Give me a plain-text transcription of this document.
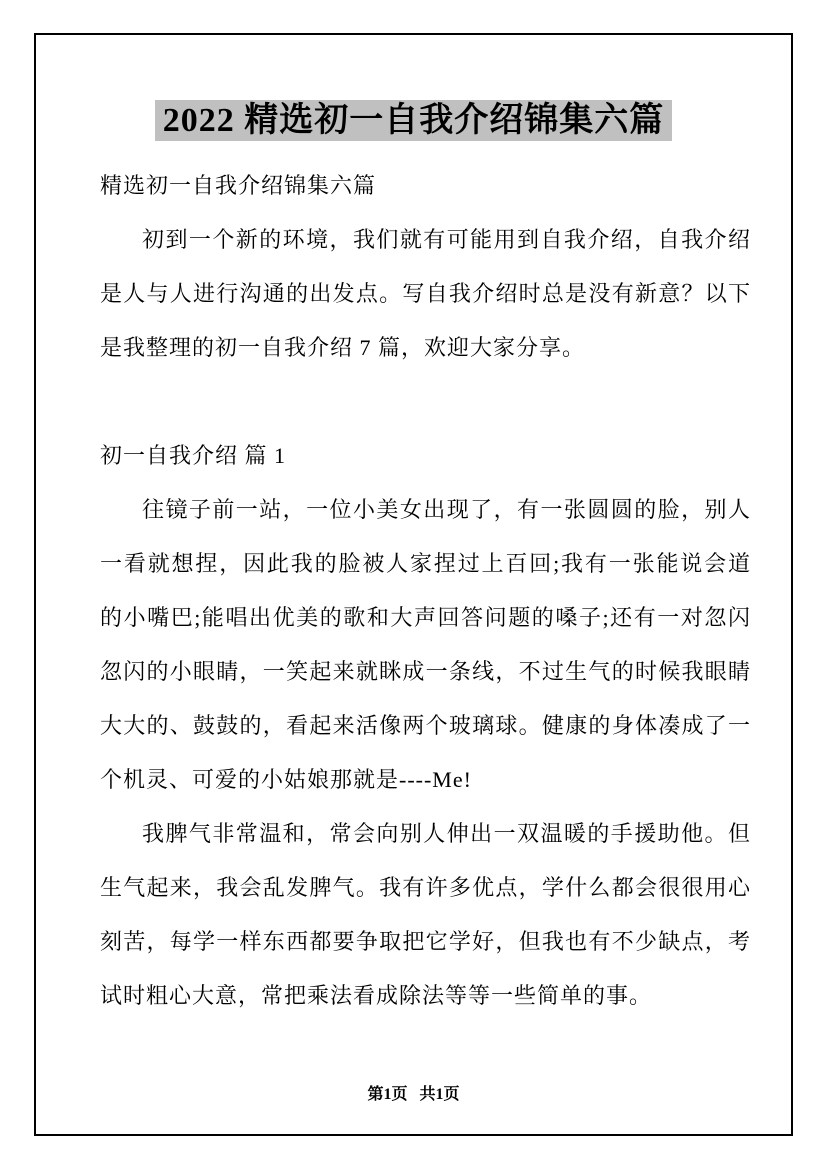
2022 精选初一自我介绍锦集六篇

精选初一自我介绍锦集六篇

初到一个新的环境，我们就有可能用到自我介绍，自我介绍是人与人进行沟通的出发点。写自我介绍时总是没有新意？以下是我整理的初一自我介绍 7 篇，欢迎大家分享。

初一自我介绍 篇 1

往镜子前一站，一位小美女出现了，有一张圆圆的脸，别人一看就想捏，因此我的脸被人家捏过上百回;我有一张能说会道的小嘴巴;能唱出优美的歌和大声回答问题的嗓子;还有一对忽闪忽闪的小眼睛，一笑起来就眯成一条线，不过生气的时候我眼睛大大的、鼓鼓的，看起来活像两个玻璃球。健康的身体凑成了一个机灵、可爱的小姑娘那就是----Me!

我脾气非常温和，常会向别人伸出一双温暖的手援助他。但生气起来，我会乱发脾气。我有许多优点，学什么都会很很用心刻苦，每学一样东西都要争取把它学好，但我也有不少缺点，考试时粗心大意，常把乘法看成除法等等一些简单的事。

第1页 共1页
